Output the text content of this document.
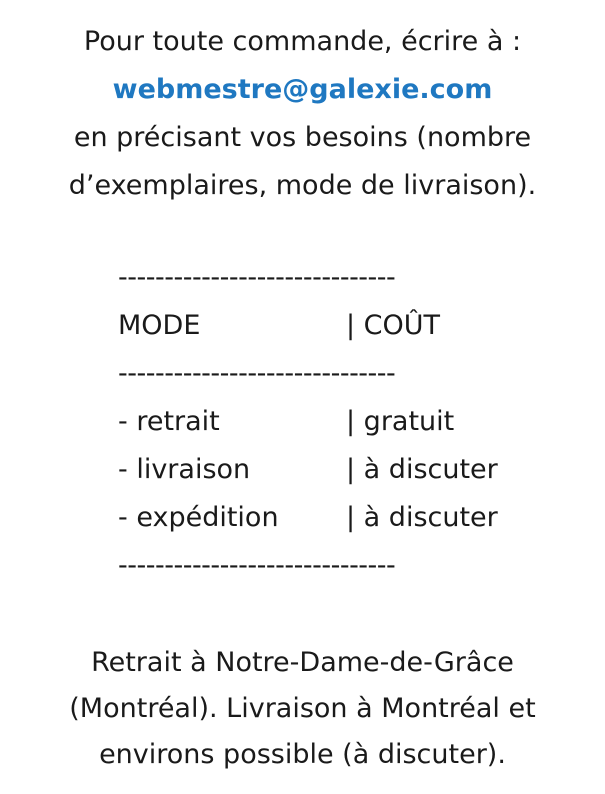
Pour toute commande, écrire à :
webmestre@galexie.com
en précisant vos besoins (nombre
d’exemplaires, mode de livraison).
------------------------------
MODE	| COÛT
------------------------------
- retrait	| gratuit
- livraison	| à discuter
- expédition | à discuter
------------------------------
Retrait à Notre-Dame-de-Grâce
(Montréal). Livraison à Montréal et
environs possible (à discuter).
